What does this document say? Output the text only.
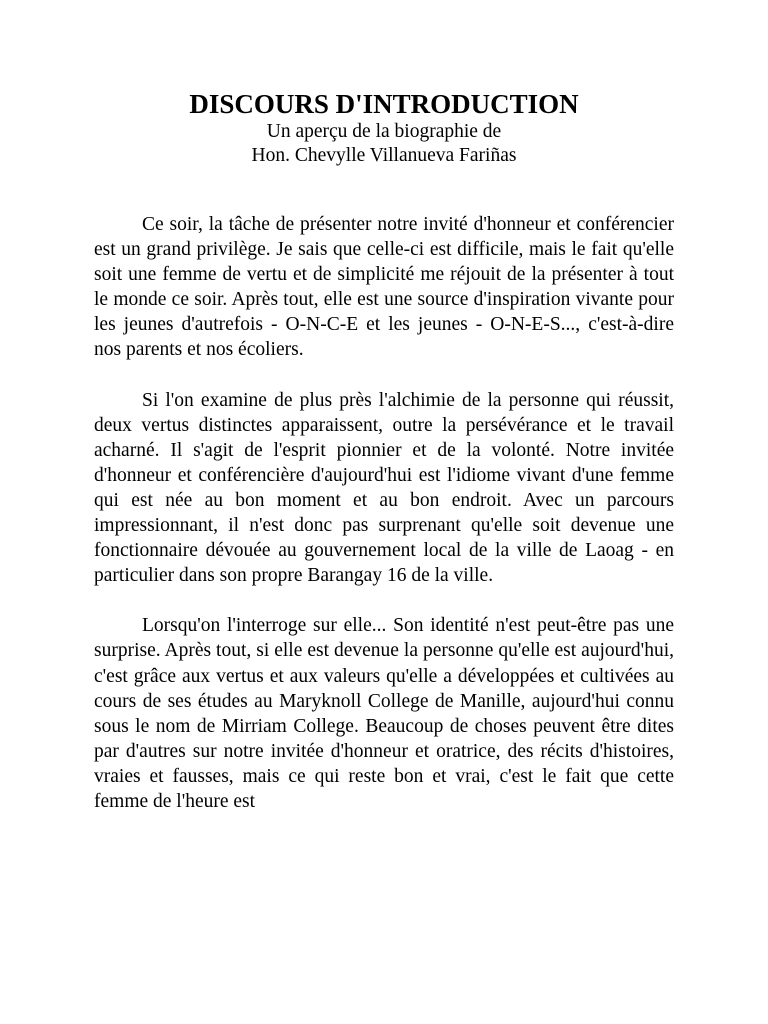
DISCOURS D'INTRODUCTION

Un aperçu de la biographie de

Hon. Chevylle Villanueva Fariñas

Ce soir, la tâche de présenter notre invité d'honneur et conférencier est un grand privilège. Je sais que celle-ci est difficile, mais le fait qu'elle soit une femme de vertu et de simplicité me réjouit de la présenter à tout le monde ce soir. Après tout, elle est une source d'inspiration vivante pour les jeunes d'autrefois - O-N-C-E et les jeunes - O-N-E-S..., c'est-à-dire nos parents et nos écoliers.

Si l'on examine de plus près l'alchimie de la personne qui réussit, deux vertus distinctes apparaissent, outre la persévérance et le travail acharné. Il s'agit de l'esprit pionnier et de la volonté. Notre invitée d'honneur et conférencière d'aujourd'hui est l'idiome vivant d'une femme qui est née au bon moment et au bon endroit. Avec un parcours impressionnant, il n'est donc pas surprenant qu'elle soit devenue une fonctionnaire dévouée au gouvernement local de la ville de Laoag - en particulier dans son propre Barangay 16 de la ville.

Lorsqu'on l'interroge sur elle... Son identité n'est peut-être pas une surprise. Après tout, si elle est devenue la personne qu'elle est aujourd'hui, c'est grâce aux vertus et aux valeurs qu'elle a développées et cultivées au cours de ses études au Maryknoll College de Manille, aujourd'hui connu sous le nom de Mirriam College. Beaucoup de choses peuvent être dites par d'autres sur notre invitée d'honneur et oratrice, des récits d'histoires, vraies et fausses, mais ce qui reste bon et vrai, c'est le fait que cette femme de l'heure est
